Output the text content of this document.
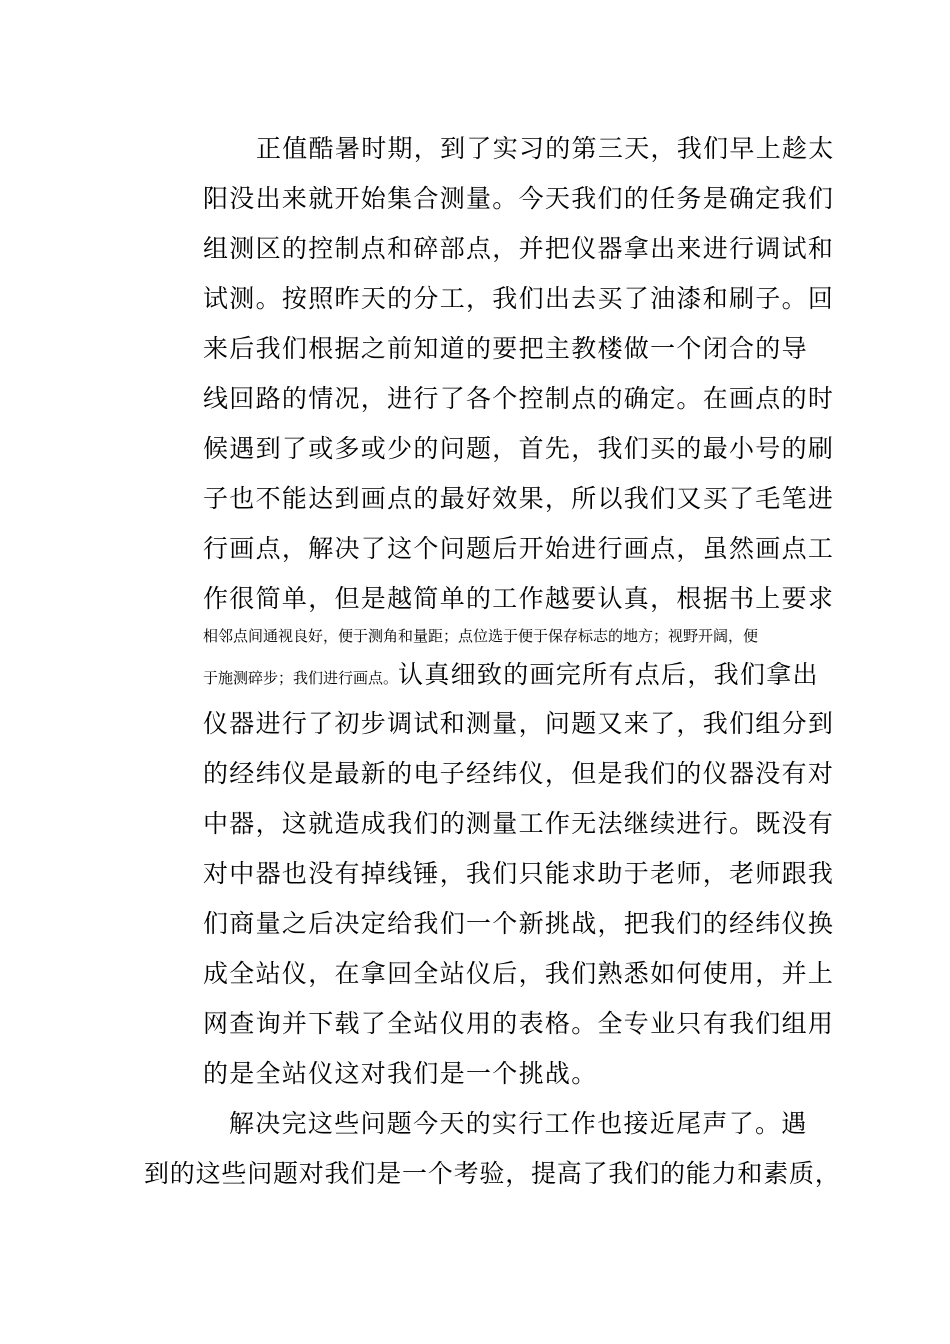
正值酷暑时期，到了实习的第三天，我们早上趁太
阳没出来就开始集合测量。今天我们的任务是确定我们
组测区的控制点和碎部点，并把仪器拿出来进行调试和
试测。按照昨天的分工，我们出去买了油漆和刷子。回
来后我们根据之前知道的要把主教楼做一个闭合的导
线回路的情况，进行了各个控制点的确定。在画点的时
候遇到了或多或少的问题，首先，我们买的最小号的刷
子也不能达到画点的最好效果，所以我们又买了毛笔进
行画点，解决了这个问题后开始进行画点，虽然画点工
作很简单，但是越简单的工作越要认真，根据书上要求
相邻点间通视良好，便于测角和量距；点位选于便于保存标志的地方；视野开阔，便
于施测碎步；我们进行画点。认真细致的画完所有点后，我们拿出
仪器进行了初步调试和测量，问题又来了，我们组分到
的经纬仪是最新的电子经纬仪，但是我们的仪器没有对
中器，这就造成我们的测量工作无法继续进行。既没有
对中器也没有掉线锤，我们只能求助于老师，老师跟我
们商量之后决定给我们一个新挑战，把我们的经纬仪换
成全站仪，在拿回全站仪后，我们熟悉如何使用，并上
网查询并下载了全站仪用的表格。全专业只有我们组用
的是全站仪这对我们是一个挑战。
解决完这些问题今天的实行工作也接近尾声了。遇
到的这些问题对我们是一个考验，提高了我们的能力和素质，
